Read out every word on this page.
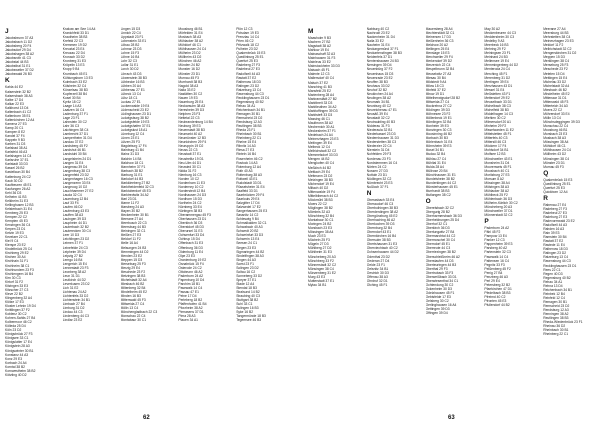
J
Jakobsbrunn 37 A3
Jakobsbach 11 D2
Jakobsberg 20 F4
Jakobsdorf 29 D4
Jakobshagen 38 A2
Jakobsroth 41 C3
Jakobstal 44 B3
Jakobsthal 31 E1
Jakobsweiler 37 D2
Jakobswald 26 B3
K
Kahla 44 E2
Kaiserstein 32 B2
Kaisersbach 38 A3
Kalbe 17 D4
Kalkar 22 E3
Kalkhorst 13 D4
Kaltenbach 41 C2
Kaltenborn 35 E1
Kaltenkirchen 12 A4
Kamenz 27 E3
Kamp 20 C1
Kampen 8 E2
Kandel 37 F4
Kappeln 9 B3
Karben 31 D3
Karlsbad 38 A1
Karlsfeld 46 A3
Karlshagen 14 C4
Karlsruhe 37 E1
Karlstadt 33 D3
Kassel 26 B2
Kastellaun 30 B4
Katlenburg 24 C2
Kaub 30 D2
Kaufbeuren 45 E1
Kaufungen 26 A2
Kehl 36 D3
Kelheim 41 B3
Kelkheim 31 E3
Kellinghusen 12 B3
Kelsterbach 31 E4
Kemberg 25 E3
Kempen 22 C2
Kempten 45 E3
Kenzingen 36 C4
Kerpen 23 D1
Ketzin 19 E3
Kevelaer 22 C1
Kiel 9 C4
Kierspe 23 E2
Kindelbrück 25 C4
Kirchberg 29 E2
Kirchen 30 A4
Kirchhain 31 F1
Kirchheim 38 C1
Kirchhundem 23 F3
Kirchlengern 16 B4
Kirn 30 C3
Kirtorf 31 F2
Kitzingen 33 E3
Kitzscher 27 C3
Kleve 22 B2
Klingenberg 32 A4
Klötze 17 E3
Kloster Lehnin 19 D4
Knittlingen 37 F2
Koblenz 30 C2
Kohren-Sahlis 27 B4
Kolbermoor 46 C2
Kölleda 25 D4
Köln 23 D2
Königsbrück 27 F3
Königsee 33 C1
Königslutter 17 E4
Königstein 28 A3
Königswinter 30 B1
Konstanz 44 A3
Konz 29 E3
Korbach 24 A4
Korntal 38 B2
Kornwestheim 38 B2
Kötzting 40 D2
Krakow am See 14 A4
Kranichfeld 33 D1
Krautheim 38 B3
Krefeld 22 C3
Kremmen 19 D2
Kreuztal 23 E4
Kreuzau 22 D4
Kronach 33 D2
Kronberg 31 E3
Kröpelin 13 E3
Kropp 9 B4
Krumbach 45 E1
Kühlungsborn 13 E3
Kulmbach 33 E2
Külsheim 32 C4
Künzelsau 38 B3
Kupferzell 38 B4
Kusel 30 B4
Kyritz 18 C2
Laage 14 A3
Laatzen 16 C4
Ladenburg 37 F1
Lage 23 F1
Lahnstein 30 C2
Lahr 36 C3
Laichingen 38 C4
Lambrecht 37 D1
Lampertheim 31 D4
Landau 37 E2
Landsberg 45 F2
Landshut 46 B1
Landstuhl 30 B4
Langelsheim 24 D1
Langen 31 E4
Langenau 39 D4
Langenburg 38 C3
Langenfeld 23 D2
Langenhagen 16 C3
Langenzenn 33 E4
Langeoog 10 D2
Lauchhammer 27 E2
Lauda 32 C4
Lauenburg 12 B4
Lauf 33 F4
Laufen 46 D2
Laufenburg 43 E3
Lauffen 38 A3
Lauingen 39 D3
Laupheim 44 D1
Lauterbach 32 B2
Lauterecken 30 C4
Leer 10 D3
Leichlingen 23 D2
Leimen 37 F1
Leinefelde 24 C3
Leipheim 39 D4
Leipzig 27 B2
Lemgo 16 B4
Lengerich 15 E4
Lennestadt 23 F3
Leonberg 38 A2
Leun 31 D1
Leutkirch 44 D2
Leverkusen 23 D2
Lich 31 E2
Lichtenau 24 A2
Lichtenfels 33 D2
Lichtenstein 34 B1
Limbach 27 B4
Limburg 31 D2
Lindau 44 C3
Lindenberg 44 C3
Lindlar 23 E2
Lingen 15 D3
Linnich 22 C4
Lippstadt 23 F1
Lobenstein 33 E1
Löbau 28 B2
Lohmar 23 D3
Lohne 15 F3
Löhne 16 B4
Lohr 32 C3
Lollar 31 E1
Lorch 30 D2
Lörrach 43 D3
Löwenstein 38 B3
Lübbecke 16 B3
Lübben 20 A4
Lübbenau 27 E1
Lübeck 13 C4
Lübz 18 C1
Luckau 27 E1
Luckenwalde 19 E4
Lüdenscheid 23 E2
Lüdinghausen 23 D1
Ludwigsburg 38 B2
Ludwigsfelde 19 E3
Ludwigshafen 37 E1
Ludwigslust 18 A1
Lüneburg 12 C4
Lünen 23 E1
Lützen 25 F3
Magdeburg 17 F4
Mainburg 41 B4
Mainz 31 D3
Malchin 14 B4
Malchow 18 C1
Mannheim 37 F1
Marbach 38 B2
Marburg 31 E1
Markdorf 44 B3
Markkleeberg 27 B2
Marktheidenfeld 32 C3
Marktoberdorf 45 E3
Marktredwitz 34 A2
Marl 23 D1
Marne 11 F2
Marsberg 24 A3
Mayen 30 B2
Meckenheim 30 B1
Meerane 27 A4
Meerbusch 22 C3
Meersburg 44 B3
Meiningen 32 C1
Meißen 27 E3
Meldorf 11 F2
Melle 16 A4
Melsungen 24 B3
Memmingen 44 D2
Menden 23 E2
Meppen 15 D3
Merseburg 25 F3
Merzig 29 E4
Meschede 23 F2
Metzingen 38 B3
Michelstadt 32 A4
Miesbach 46 B2
Miltenberg 32 B4
Mindelheim 45 E2
Minden 16 B3
Mittenwald 45 F3
Mittweida 27 C4
Mölln 13 C4
Mönchengladbach 22 C3
Monschau 22 C4
Montabaur 30 C1
Moosburg 46 B1
Mörfelden 31 E4
Mosbach 38 A3
Mühlacker 38 A2
Mühldorf 46 C1
Mühlhausen 24 C4
Mülheim 23 D2
Müllheim 43 D2
München 46 A2
Münden 24 B2
Munster 16 D2
Münster 23 D1
Murnau 45 F3
Murrhardt 38 B3
Nagold 38 A3
Naila 33 E2
Nastätten 30 C2
Nauen 19 E3
Naumburg 25 E4
Neckarsulm 38 A3
Neresheim 39 D3
Netphen 23 F3
Nettetal 22 C3
Neubrandenburg 14 B4
Neuburg 39 E3
Neuenstadt 38 B3
Neumarkt 40 A2
Neumünster 12 B3
Neunkirchen 29 F4
Neuruppin 19 D2
Neuss 22 C3
Neustadt 37 E1
Neustrelitz 19 D1
Neu-Ulm 44 D1
Neuwied 30 C1
Nidda 31 F2
Nienburg 16 C3
Norden 10 C2
Nordenham 11 E3
Norderney 10 C2
Norderstedt 12 B4
Nordhausen 24 D3
Nordhorn 15 D3
Northeim 24 C2
Nürnberg 33 E4
Nürtingen 38 B3
Oberammergau 45 F3
Oberhausen 23 D1
Oberkirch 36 D3
Oberstdorf 45 D3
Oberursel 31 E3
Ochsenfurt 33 D4
Ochtrup 15 D4
Offenbach 31 E3
Offenburg 36 D3
Oldenburg 11 E4
Olpe 23 E3
Oranienburg 19 E2
Osnabrück 15 F4
Osterode 24 C2
Ottobrunn 46 A2
Paderborn 24 A2
Papenburg 10 D4
Parchim 18 B1
Pasewalk 14 C4
Passau 47 E1
Peine 17 D4
Perleberg 18 B2
Pfaffenhofen 41 B4
Pforzheim 38 A2
Pirmasens 37 D1
Pirna 28 A3
Plauen 34 A1
Plön 12 C3
Potsdam 19 E3
Prenzlau 14 C4
Prien 46 C2
Pritzwalk 18 C2
Pulheim 23 D2
Quakenbrück 15 E3
Quedlinburg 25 E1
Querfurt 25 E3
Radeberg 27 F3
Radebeul 27 E3
Radolfzell 44 A3
Rastatt 37 E2
Rathenow 18 D3
Ratingen 23 D2
Ratzeburg 13 C4
Ravensburg 44 C3
Recklinghausen 23 D1
Regensburg 40 B2
Rehau 34 A1
Reichenbach 34 B1
Remagen 30 B1
Remscheid 23 D2
Rendsburg 12 A3
Reutlingen 38 B3
Rheda 23 F1
Rheinbach 30 B1
Rheinberg 22 C1
Rheine 15 E4
Ribnitz 14 A3
Riesa 27 E3
Rinteln 16 B4
Rosenheim 46 C2
Rostock 14 A3
Rotenburg 12 A4
Roth 40 A3
Rottenburg 38 A3
Rottweil 43 E1
Rudolstadt 33 D1
Rüsselsheim 31 E4
Saalfeld 33 D1
Saarbrücken 29 F4
Saarlouis 29 E4
Salzgitter 17 D4
Salzwedel 17 E2
Sangerhausen 25 E3
Sassnitz 14 C2
Schleswig 9 B4
Schmalkalden 32 C1
Schwabach 40 A3
Schwedt 20 B2
Schweinfurt 33 D3
Schwerin 13 E4
Seesen 24 C1
Siegen 23 E3
Sigmaringen 44 B2
Sindelfingen 38 A3
Singen 44 A3
Soest 23 F1
Solingen 23 D2
Soltau 16 C2
Sonneberg 33 D2
Speyer 37 E1
Stade 12 A4
Stendal 18 B3
Stralsund 14 B2
Straubing 40 C3
Stuttgart 38 B2
Suhl 33 C1
Sulingen 16 B3
Syke 16 B2
Tangermünde 18 B3
Tegernsee 46 B3
M
Maasholm 9 B3
Machern 27 B2
Magstadt 38 A2
Mahlow 19 E4
Mainaschaff 32 A3
Mainhausen 31 F3
Mainleus 33 E2
Mainstockheim 33 D3
Maisach 45 F1
Malente 12 C3
Mallersdorf 40 C4
Malsch 37 E2
Manching 41 B3
Mansfeld 25 E2
Marienberg 28 A4
Markranstädt 27 B2
Marktbreit 33 D3
Marktleuthen 34 A2
Marktoffingen 39 D3
Marktsteft 33 D3
Massing 46 C1
Maulbronn 38 A2
Mechernich 30 A1
Meckesheim 37 F1
Medebach 24 A4
Meinerzhagen 23 E3
Meitingen 39 E4
Melbeck 12 C4
Mellrichstadt 32 C2
Memmelsdorf 33 D3
Mengen 44 B2
Mengkofen 40 C4
Meßkirch 44 B2
Mettlach 29 E4
Mettmann 23 D2
Metzingen 38 B3
Michendorf 19 E4
Miltach 40 D2
Mittenwalde 19 F4
Mittelbiberach 44 C2
Möckmühl 38 B3
Moers 22 C2
Möglingen 38 B2
Mömbris 32 A3
Mönchberg 32 B4
Montabaur 30 C1
Moringen 24 B2
Morsbach 23 E3
Mössingen 38 A4
Much 23 E3
Mücheln 25 F3
Mügeln 27 D3
Mühlberg 27 D2
Mühlheim 31 E3
Müncheberg 20 A3
Münchberg 33 F2
Münnerstadt 32 C2
Münsingen 38 C4
Münzenberg 31 E2
Murg 43 E3
Mutterstadt 37 E1
Mylau 34 B1
Nabburg 40 C2
Nachrodt 23 E2
Nackenheim 31 D4
Naila 33 E2
Nauheim 31 E4
Neckargemünd 37 F1
Neckartenzlingen 38 B3
Neidenfels 37 D1
Nentershausen 24 B3
Nersingen 39 D4
Neuenbürg 37 F2
Neuenhaus 15 D3
Neuenrade 23 E2
Neuffen 38 B3
Neuhaus 33 D2
Neuhof 32 B2
Neukirchen 24 A4
Neulingen 38 A2
Neumark 34 B1
Neunburg 40 C2
Neureichenau 47 E1
Neusäß 39 E4
Neustadt 32 C2
Neutraubling 40 B3
Nidderau 31 F3
Niederaula 32 B1
Niederkassel 23 D3
Niedernhausen 31 D3
Niederstetten 38 C3
Niederzier 22 C4
Nierstein 31 D4
Nohfelden 29 F3
Nordenau 23 F3
Nordstemmen 16 C4
Nörten 24 C2
Nossen 27 D3
Nottuln 23 D1
Nüdlingen 32 C2
Nümbrecht 23 E3
Nußloch 37 F1
N
Oberasbach 33 E4
Oberaudorf 46 C3
Oberboihingen 38 B3
Oberderdingen 38 A2
Obergünzburg 45 E2
Oberhaching 46 A2
Oberkochen 39 D3
Obernburg 32 B4
Oberndorf 43 E1
Obernkirchen 16 B4
Obersulm 38 B3
Obertshausen 31 E3
Oberviechtach 40 C2
Ochsenhausen 44 D2
Odenthal 23 D2
Oederan 27 D4
Oelde 23 F1
Oelsnitz 34 B1
Oestrich 30 D3
Offenau 38 A3
Ohrdruf 32 D1
Olching 45 F1
Mauersberg 28 A4
Mechterstädt 32 C1
Meinersen 17 D3
Meißenheim 36 C3
Melchow 20 A2
Mellingen 25 E4
Menslage 15 E3
Merchweiler 29 F4
Merkendorf 39 D2
Merzenich 22 C4
Mespelbrunn 32 B4
Meuselwitz 27 A3
Miesau 30 B4
Mildstedt 9 A4
Milow 18 C3
Minfeld 37 E2
Mirow 19 D1
Mittelherwigsdorf 28 B2
Mittweida 27 C4
Mockrehna 27 C2
Mödingen 39 D3
Möhnesee 23 F2
Möllenbeck 19 E1
Mömlingen 32 B4
Monheim 39 E3
Monzingen 30 C3
Moosinning 46 B2
Morbach 30 B3
Mörlenbach 31 E4
Mörnsheim 39 E3
Mosel 34 B1
Mudau 32 B4
Mühlau 27 C4
Mühltal 31 E4
Mulda 28 A4
Müllrose 20 B4
Münchhausen 31 E1
Mundelsheim 38 B2
Munderkingen 44 C2
Münsterhausen 45 E1
Murrhardt 38 B3
Mutlangen 38 C2
O
Oberelsbach 32 C2
Obergurig 28 B2
Oberharmersbach 36 D3
Oberheldrungen 25 D4
Oberhof 32 C1
Oberkirch 36 D3
Oberlungwitz 27 B4
Obermarchtal 44 C2
Obermoschel 30 C4
Oberndorf 45 E1
Oberreute 44 C3
Oberriexingen 38 B2
Oberschleißheim 46 A2
Oberstaufen 44 D3
Oberteuringen 44 B3
Oberthal 29 F3
Obertrubach 33 F3
Oberweißbach 33 D1
Oberwiesenthal 34 C1
Ochtendung 30 C2
Ockenheim 30 D3
Odelzhausen 45 F1
Oebisfelde 17 E3
Oelsberg 30 C2
Oerlinghausen 16 A4
Oettingen 39 D3
Offingen 39 D4
May 30 A2
Meckenbeuren 44 C3
Meddersheim 30 C3
Medelby 9 A3
Meerbeck 16 B3
Mehring 29 F2
Meiningsen 23 F1
Meinhard 24 B3
Mellensee 19 E4
Memmingerberg 44 D2
Menteroda 24 C4
Merching 45 F1
Merenberg 31 D2
Mertingen 39 E4
Merzhausen 43 D1
Messel 31 E4
Meßstetten 43 F1
Mettendorf 29 E2
Meuselbach 33 D1
Michelbach 38 C3
Michelfeld 38 B3
Middelhagen 14 C3
Miehlen 30 C2
Milmersdorf 20 A1
Minheim 29 F2
Misselwarden 11 E2
Mittelstetten 45 F1
Mitterfels 40 C3
Mittersill 46 C3
Möckern 17 F4
Mohlsdorf 34 B1
Molfsee 12 B3
Mönchweiler 43 E1
Monsheim 31 D4
Moorenweis 45 F1
Moosbach 40 C1
Moritzburg 27 E3
Morsum 8 A2
Mössingen 38 A4
Mötzingen 38 A3
Mühlacker 38 A2
Mühlbeck 25 F2
Mühlenbach 36 D3
Mülheim-Kärlich 30 C2
Müncheberg 20 A3
Münchweiler 37 D1
Münnerstadt 32 C2
P
Paderborn 24 A2
Pähl 45 F2
Pampow 13 E4
Panker 12 C3
Pappenheim 39 E3
Parsberg 40 A2
Partenstein 32 C3
Pasewalk 14 C4
Pattensen 16 C4
Pegnitz 33 F3
Peißenberg 45 F2
Penig 27 B4
Penzberg 46 A3
Perl 29 E4
Petersberg 32 B2
Pfarrkirchen 47 D1
Pfedelbach 38 B3
Pfreimd 40 C2
Pfronten 45 E3
Pfullendorf 44 B2
Meerane 27 A4
Meersburg 44 B3
Mehrstetten 38 C4
Meinerzhagen 23 E3
Meldorf 11 F2
Mellrichstadt 32 C2
Mengerskirchen 31 D2
Meppen 15 D3
Merklingen 38 C4
Merseburg 25 F3
Meschede 23 F2
Metelen 15 D4
Mettingen 15 E4
Michelau 33 D2
Michelstadt 32 A4
Miesbach 46 B2
Mindelheim 45 E2
Mittenaar 31 D1
Mittenwald 45 F3
Mitterteich 34 A3
Moers 22 C2
Möhrendorf 33 E4
Mölln 13 C4
Mönchsdeggingen 39 D3
Monschau 22 C4
Moosburg 46 B1
Morsbach 23 E3
Mosbach 38 A3
Mössingen 38 A4
Mühldorf 46 C1
Mühlhausen 24 C4
Müllheim 43 D2
Münsingen 38 C4
Münster 23 D1
Murnau 45 F3
Q
Quakenbrück 15 E3
Quedlinburg 25 E1
Querfurt 25 E3
Quickborn 12 A4
R
Rabenau 27 E4
Radeberg 27 F3
Radebeul 27 E3
Radeburg 27 E3
Radevormwald 23 E2
Radolfzell 44 A3
Rahden 16 A3
Rain 39 E3
Ramstein 30 B4
Rastatt 37 E2
Rastede 11 E4
Rathenow 18 D3
Ratingen 23 D2
Ratzeburg 13 C4
Ravensburg 44 C3
Recklinghausen 23 D1
Rees 22 C1
Regen 40 D3
Regensburg 40 B2
Rehau 34 A1
Rehna 13 D4
Reichenbach 34 B1
Reinbek 12 B4
Reinfeld 12 C4
Remagen 30 B1
Remscheid 23 D2
Rendsburg 12 A3
Renningen 38 A2
Reutlingen 38 B3
Rheda-Wiedenbrück 23 F1
Rheinau 36 D2
Rheinbach 30 B1
Rheinberg 22 C1
62	63
